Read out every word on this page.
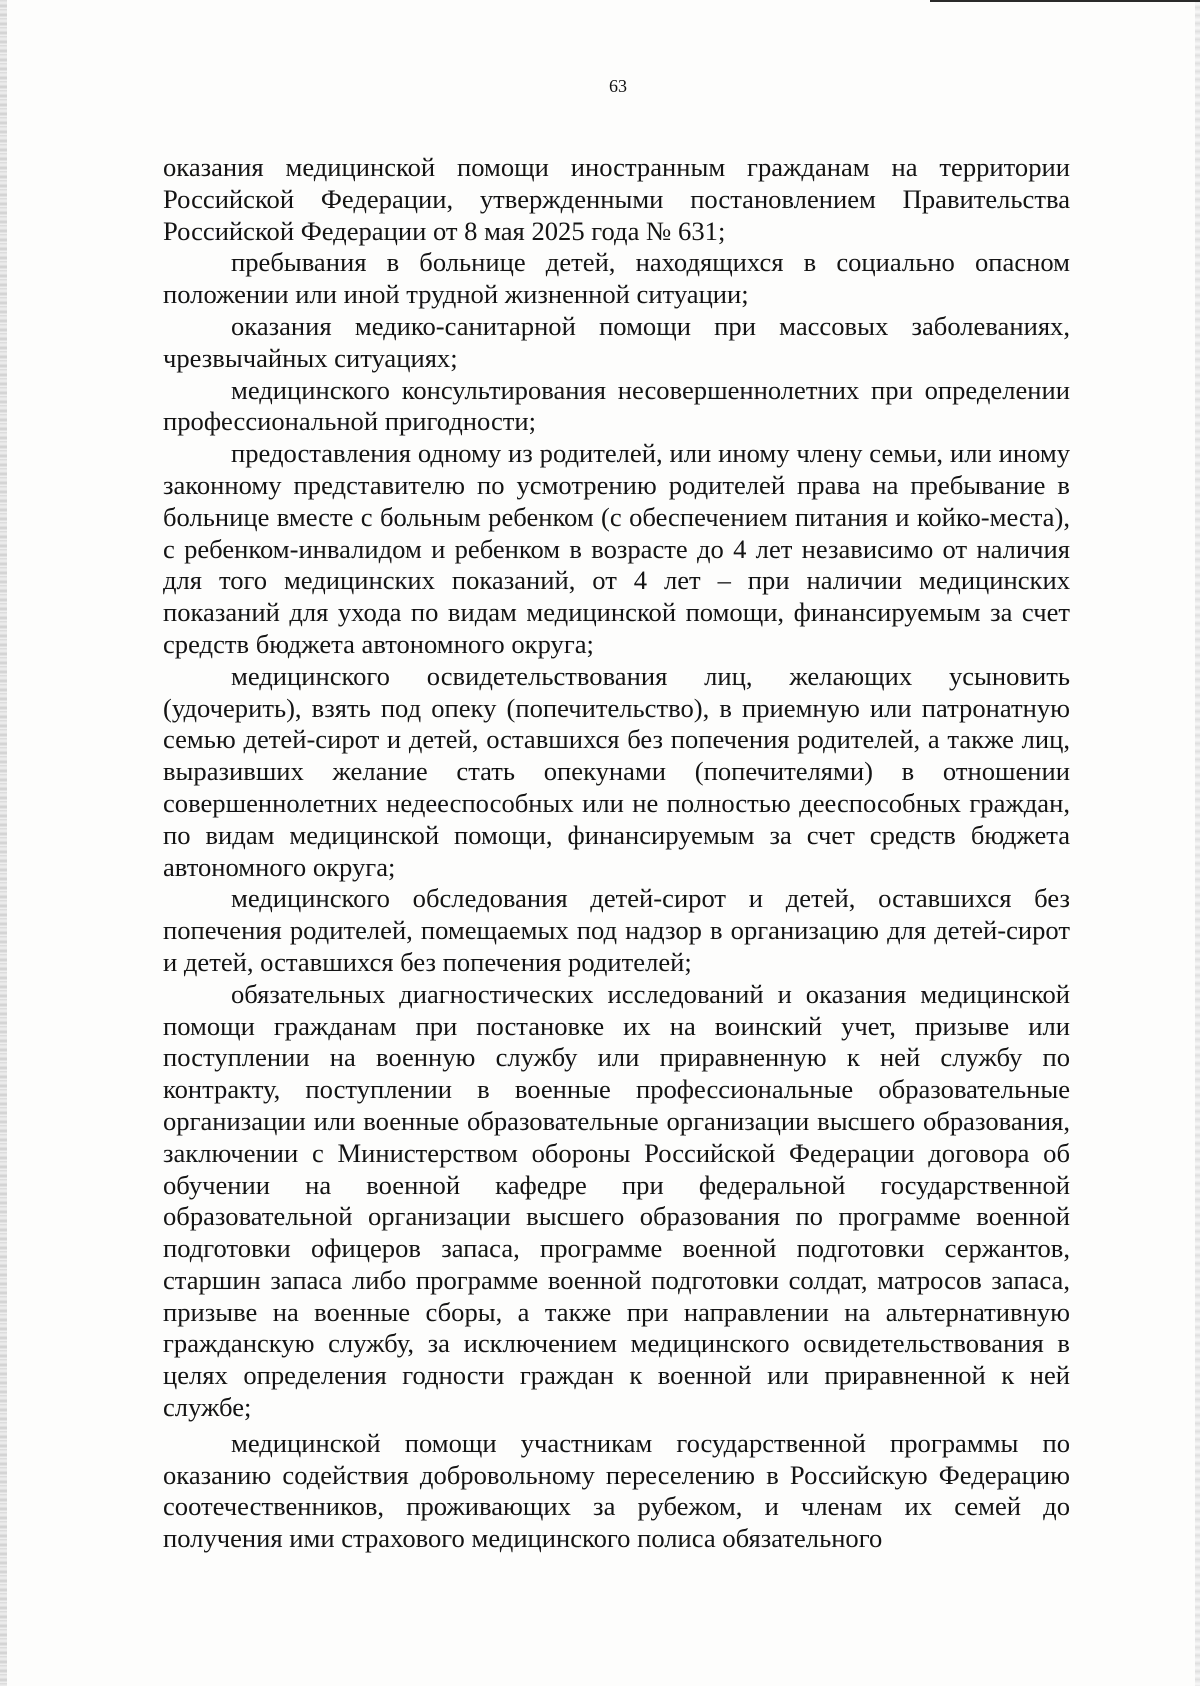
63

оказания медицинской помощи иностранным гражданам на территории Российской Федерации, утвержденными постановлением Правительства Российской Федерации от 8 мая 2025 года № 631;

пребывания в больнице детей, находящихся в социально опасном положении или иной трудной жизненной ситуации;

оказания медико-санитарной помощи при массовых заболеваниях, чрезвычайных ситуациях;

медицинского консультирования несовершеннолетних при определении профессиональной пригодности;

предоставления одному из родителей, или иному члену семьи, или иному законному представителю по усмотрению родителей права на пребывание в больнице вместе с больным ребенком (с обеспечением питания и койко-места), с ребенком-инвалидом и ребенком в возрасте до 4 лет независимо от наличия для того медицинских показаний, от 4 лет – при наличии медицинских показаний для ухода по видам медицинской помощи, финансируемым за счет средств бюджета автономного округа;

медицинского освидетельствования лиц, желающих усыновить (удочерить), взять под опеку (попечительство), в приемную или патронатную семью детей-сирот и детей, оставшихся без попечения родителей, а также лиц, выразивших желание стать опекунами (попечителями) в отношении совершеннолетних недееспособных или не полностью дееспособных граждан, по видам медицинской помощи, финансируемым за счет средств бюджета автономного округа;

медицинского обследования детей-сирот и детей, оставшихся без попечения родителей, помещаемых под надзор в организацию для детей-сирот и детей, оставшихся без попечения родителей;

обязательных диагностических исследований и оказания медицинской помощи гражданам при постановке их на воинский учет, призыве или поступлении на военную службу или приравненную к ней службу по контракту, поступлении в военные профессиональные образовательные организации или военные образовательные организации высшего образования, заключении с Министерством обороны Российской Федерации договора об обучении на военной кафедре при федеральной государственной образовательной организации высшего образования по программе военной подготовки офицеров запаса, программе военной подготовки сержантов, старшин запаса либо программе военной подготовки солдат, матросов запаса, призыве на военные сборы, а также при направлении на альтернативную гражданскую службу, за исключением медицинского освидетельствования в целях определения годности граждан к военной или приравненной к ней службе;

медицинской помощи участникам государственной программы по оказанию содействия добровольному переселению в Российскую Федерацию соотечественников, проживающих за рубежом, и членам их семей до получения ими страхового медицинского полиса обязательного
